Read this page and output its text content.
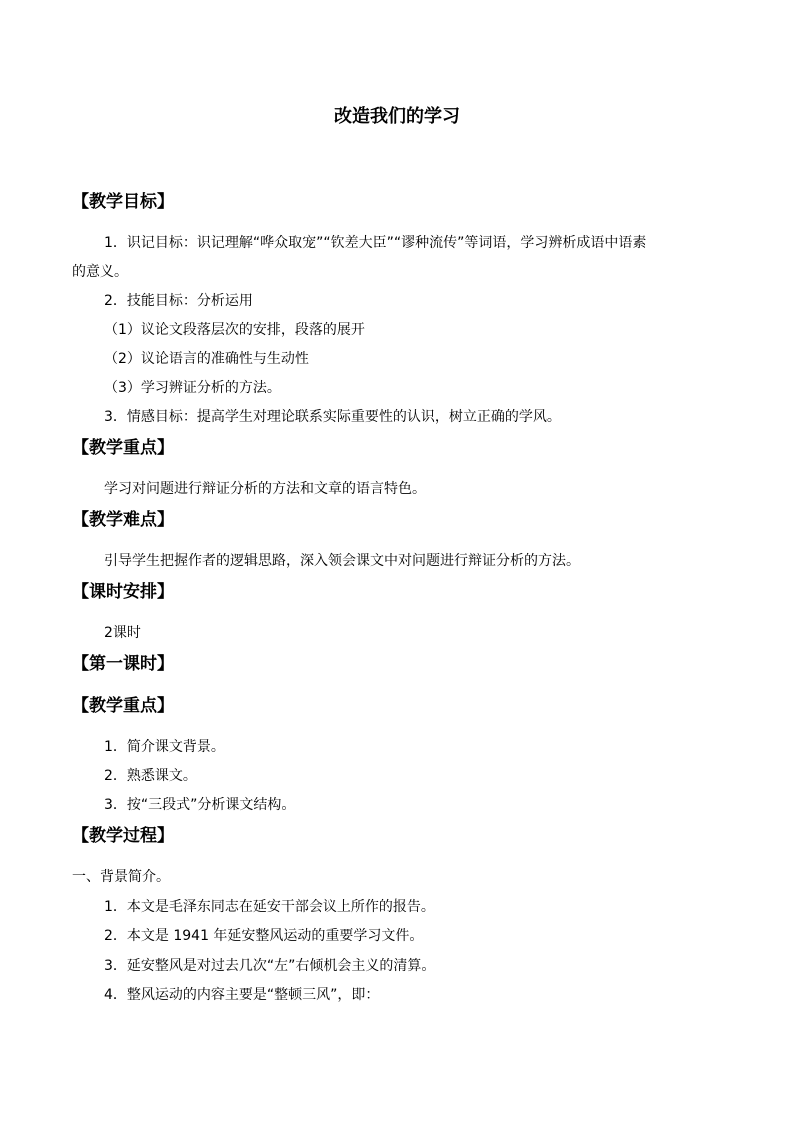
改造我们的学习
【教学目标】
1．识记目标：识记理解“哗众取宠”“钦差大臣”“谬种流传”等词语，学习辨析成语中语素
的意义。
2．技能目标：分析运用
（1）议论文段落层次的安排，段落的展开
（2）议论语言的准确性与生动性
（3）学习辨证分析的方法。
3．情感目标：提高学生对理论联系实际重要性的认识，树立正确的学风。
【教学重点】
学习对问题进行辩证分析的方法和文章的语言特色。
【教学难点】
引导学生把握作者的逻辑思路，深入领会课文中对问题进行辩证分析的方法。
【课时安排】
2课时
【第一课时】
【教学重点】
1．简介课文背景。
2．熟悉课文。
3．按“三段式”分析课文结构。
【教学过程】
一、背景简介。
1．本文是毛泽东同志在延安干部会议上所作的报告。
2．本文是 1941 年延安整风运动的重要学习文件。
3．延安整风是对过去几次“左”右倾机会主义的清算。
4．整风运动的内容主要是“整顿三风”，即：
